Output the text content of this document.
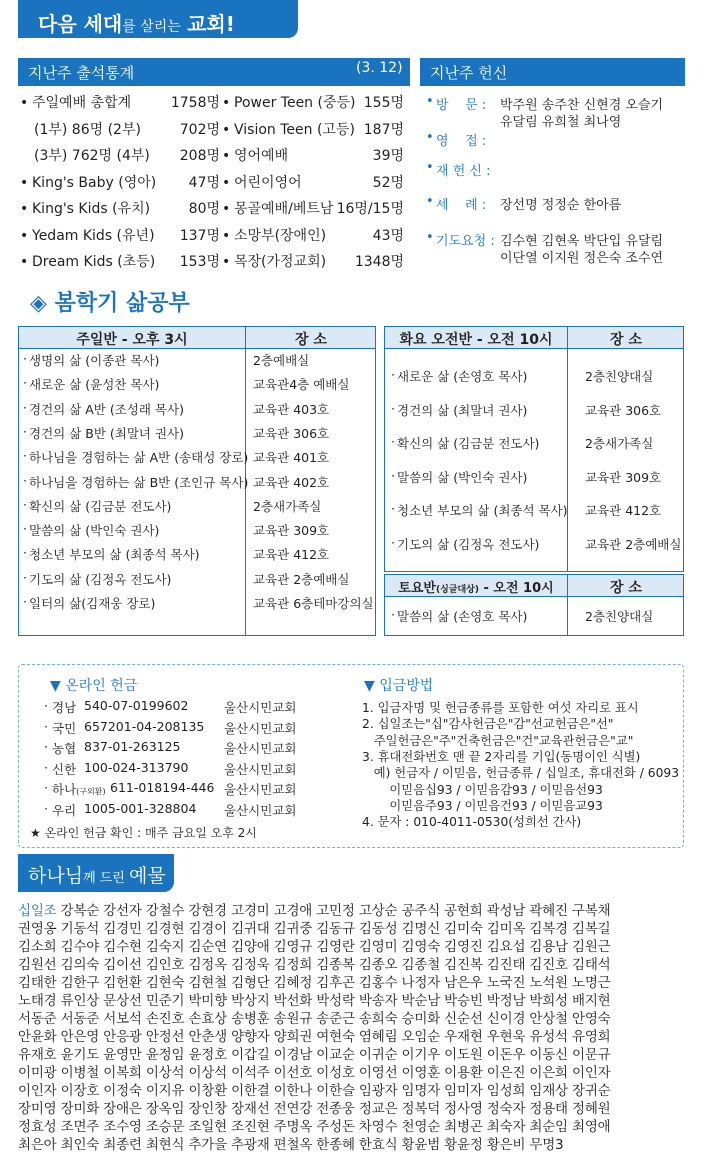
다음 세대를 살리는 교회!
지난주 출석통계	(3. 12)
• 주일예배 총합계	1758명 • Power Teen (중등) 155명
(1부) 86명 (2부)	702명 • Vision Teen (고등) 187명
(3부) 762명 (4부)	208명 • 영어예배	39명
• King's Baby (영아)	47명 • 어린이영어	52명
• King's Kids (유치)	80명 • 몽골예배/베트남 16명/15명
• Yedam Kids (유년)	137명 • 소망부(장애인)	43명
• Dream Kids (초등)	153명 • 목장(가정교회)	1348명
지난주 헌신
• 방    문 : 박주원 송주찬 신현경 오슬기
유달림 유희철 최나영
• 영    접 :
• 재 헌 신 :
• 세    례 : 장선명 정정순 한아름
• 기도요청 : 김수현 김현옥 박단입 유달림
이단열 이지원 정은숙 조수연
◈ 봄학기 삶공부
주일반 - 오후 3시	장 소
· 생명의 삶 (이종관 목사)	2층예배실
· 새로운 삶 (윤성찬 목사)	교육관4층 예배실
· 경건의 삶 A반 (조성래 목사)	교육관 403호
· 경건의 삶 B반 (최말녀 권사)	교육관 306호
· 하나님을 경험하는 삶 A반 (송태성 장로) 교육관 401호
· 하나님을 경험하는 삶 B반 (조인규 목사) 교육관 402호
· 확신의 삶 (김금분 전도사)	2층새가족실
· 말씀의 삶 (박인숙 권사)	교육관 309호
· 청소년 부모의 삶 (최종석 목사)	교육관 412호
· 기도의 삶 (김정옥 전도사)	교육관 2층예배실
· 일터의 삶(김재웅 장로)	교육관 6층테마강의실
화요 오전반 - 오전 10시	장 소
· 새로운 삶 (손영호 목사)	2층친양대실
· 경건의 삶 (최말녀 권사)	교육관 306호
· 확신의 삶 (김금분 전도사)	2층새가족실
· 말씀의 삶 (박인숙 권사)	교육관 309호
· 청소년 부모의 삶 (최종석 목사) 교육관 412호
· 기도의 삶 (김정옥 전도사)	교육관 2층예배실
토요반(싱글대상) - 오전 10시	장 소
· 말씀의 삶 (손영호 목사)	2층친양대실
▼ 온라인 헌금
· 경남 540-07-0199602	울산시민교회
· 국민 657201-04-208135 울산시민교회
· 농협 837-01-263125	울산시민교회
· 신한 100-024-313790	울산시민교회
· 하나(구외환) 611-018194-446 울산시민교회
· 우리 1005-001-328804 울산시민교회
★ 온라인 헌금 확인 : 매주 금요일 오후 2시
▼ 입금방법
1. 입금자명 및 헌금종류를 포함한 여섯 자리로 표시
2. 십일조는"십"감사헌금은"감"선교헌금은"선"
주일헌금은"주"건축헌금은"건"교육관헌금은"교"
3. 휴대전화번호 맨 끝 2자리를 기입(동명이인 식별)
예) 헌금자 / 이믿음, 헌금종류 / 십일조, 휴대전화 / 6093
이믿음십93 / 이믿음감93 / 이믿음선93
이믿음주93 / 이믿음건93 / 이믿음교93
4. 문자 : 010-4011-0530(성희선 간사)
하나님께 드린 예물
십일조 강복순 강선자 강철수 강현경 고경미 고경애 고민정 고상순 공주식 공현희 곽성남 곽혜진 구복채
권영옹 기동석 김경민 김경현 김경이 김귀대 김귀중 김동규 김동성 김명신 김미숙 김미옥 김복경 김복길
김소희 김수야 김수현 김숙지 김순연 김양애 김영규 김영란 김영미 김영숙 김영진 김요섭 김용남 김원근
김원선 김의숙 김이선 김인호 김정옥 김정욱 김정희 김종복 김종오 김종철 김진복 김진태 김진호 김태석
김태한 김한구 김헌환 김현숙 김현철 김형단 김혜정 김후곤 김홍수 나정자 남은우 노국진 노석원 노명근
노태경 류인상 문상선 민준기 박미향 박상지 박선화 박성락 박송자 박순남 박승빈 박정남 박희성 배지현
서동준 서동준 서보석 손진호 손효상 송병훈 송원규 송준근 송희숙 승미화 신순선 신이경 안상철 안영숙
안윤화 안은영 안응광 안정선 안춘생 양향자 양희권 여현숙 염혜림 오임순 우재현 우현욱 유성석 유영희
유재호 윤기도 윤영만 윤정임 윤정호 이갑길 이경남 이교순 이귀순 이기우 이도원 이돈우 이동신 이문규
이미광 이병철 이복희 이상석 이상석 이석주 이선호 이성호 이영선 이영훈 이용환 이은진 이은희 이인자
이인자 이장호 이정숙 이지유 이창환 이한결 이한나 이한슬 임광자 임명자 임미자 임성희 임재상 장귀순
장미영 장미화 장애은 장옥임 장인창 장재선 전연강 전종웅 정교은 정복덕 정사영 정숙자 정용태 정혜원
정효성 조면주 조수영 조승문 조일현 조진현 주명옥 주성돈 차영수 천영순 최병곤 최숙자 최순임 최영애
최은아 최인숙 최종련 최현식 추가을 추광재 편철옥 한종혜 한효식 황윤범 황윤정 황은비 무명3
